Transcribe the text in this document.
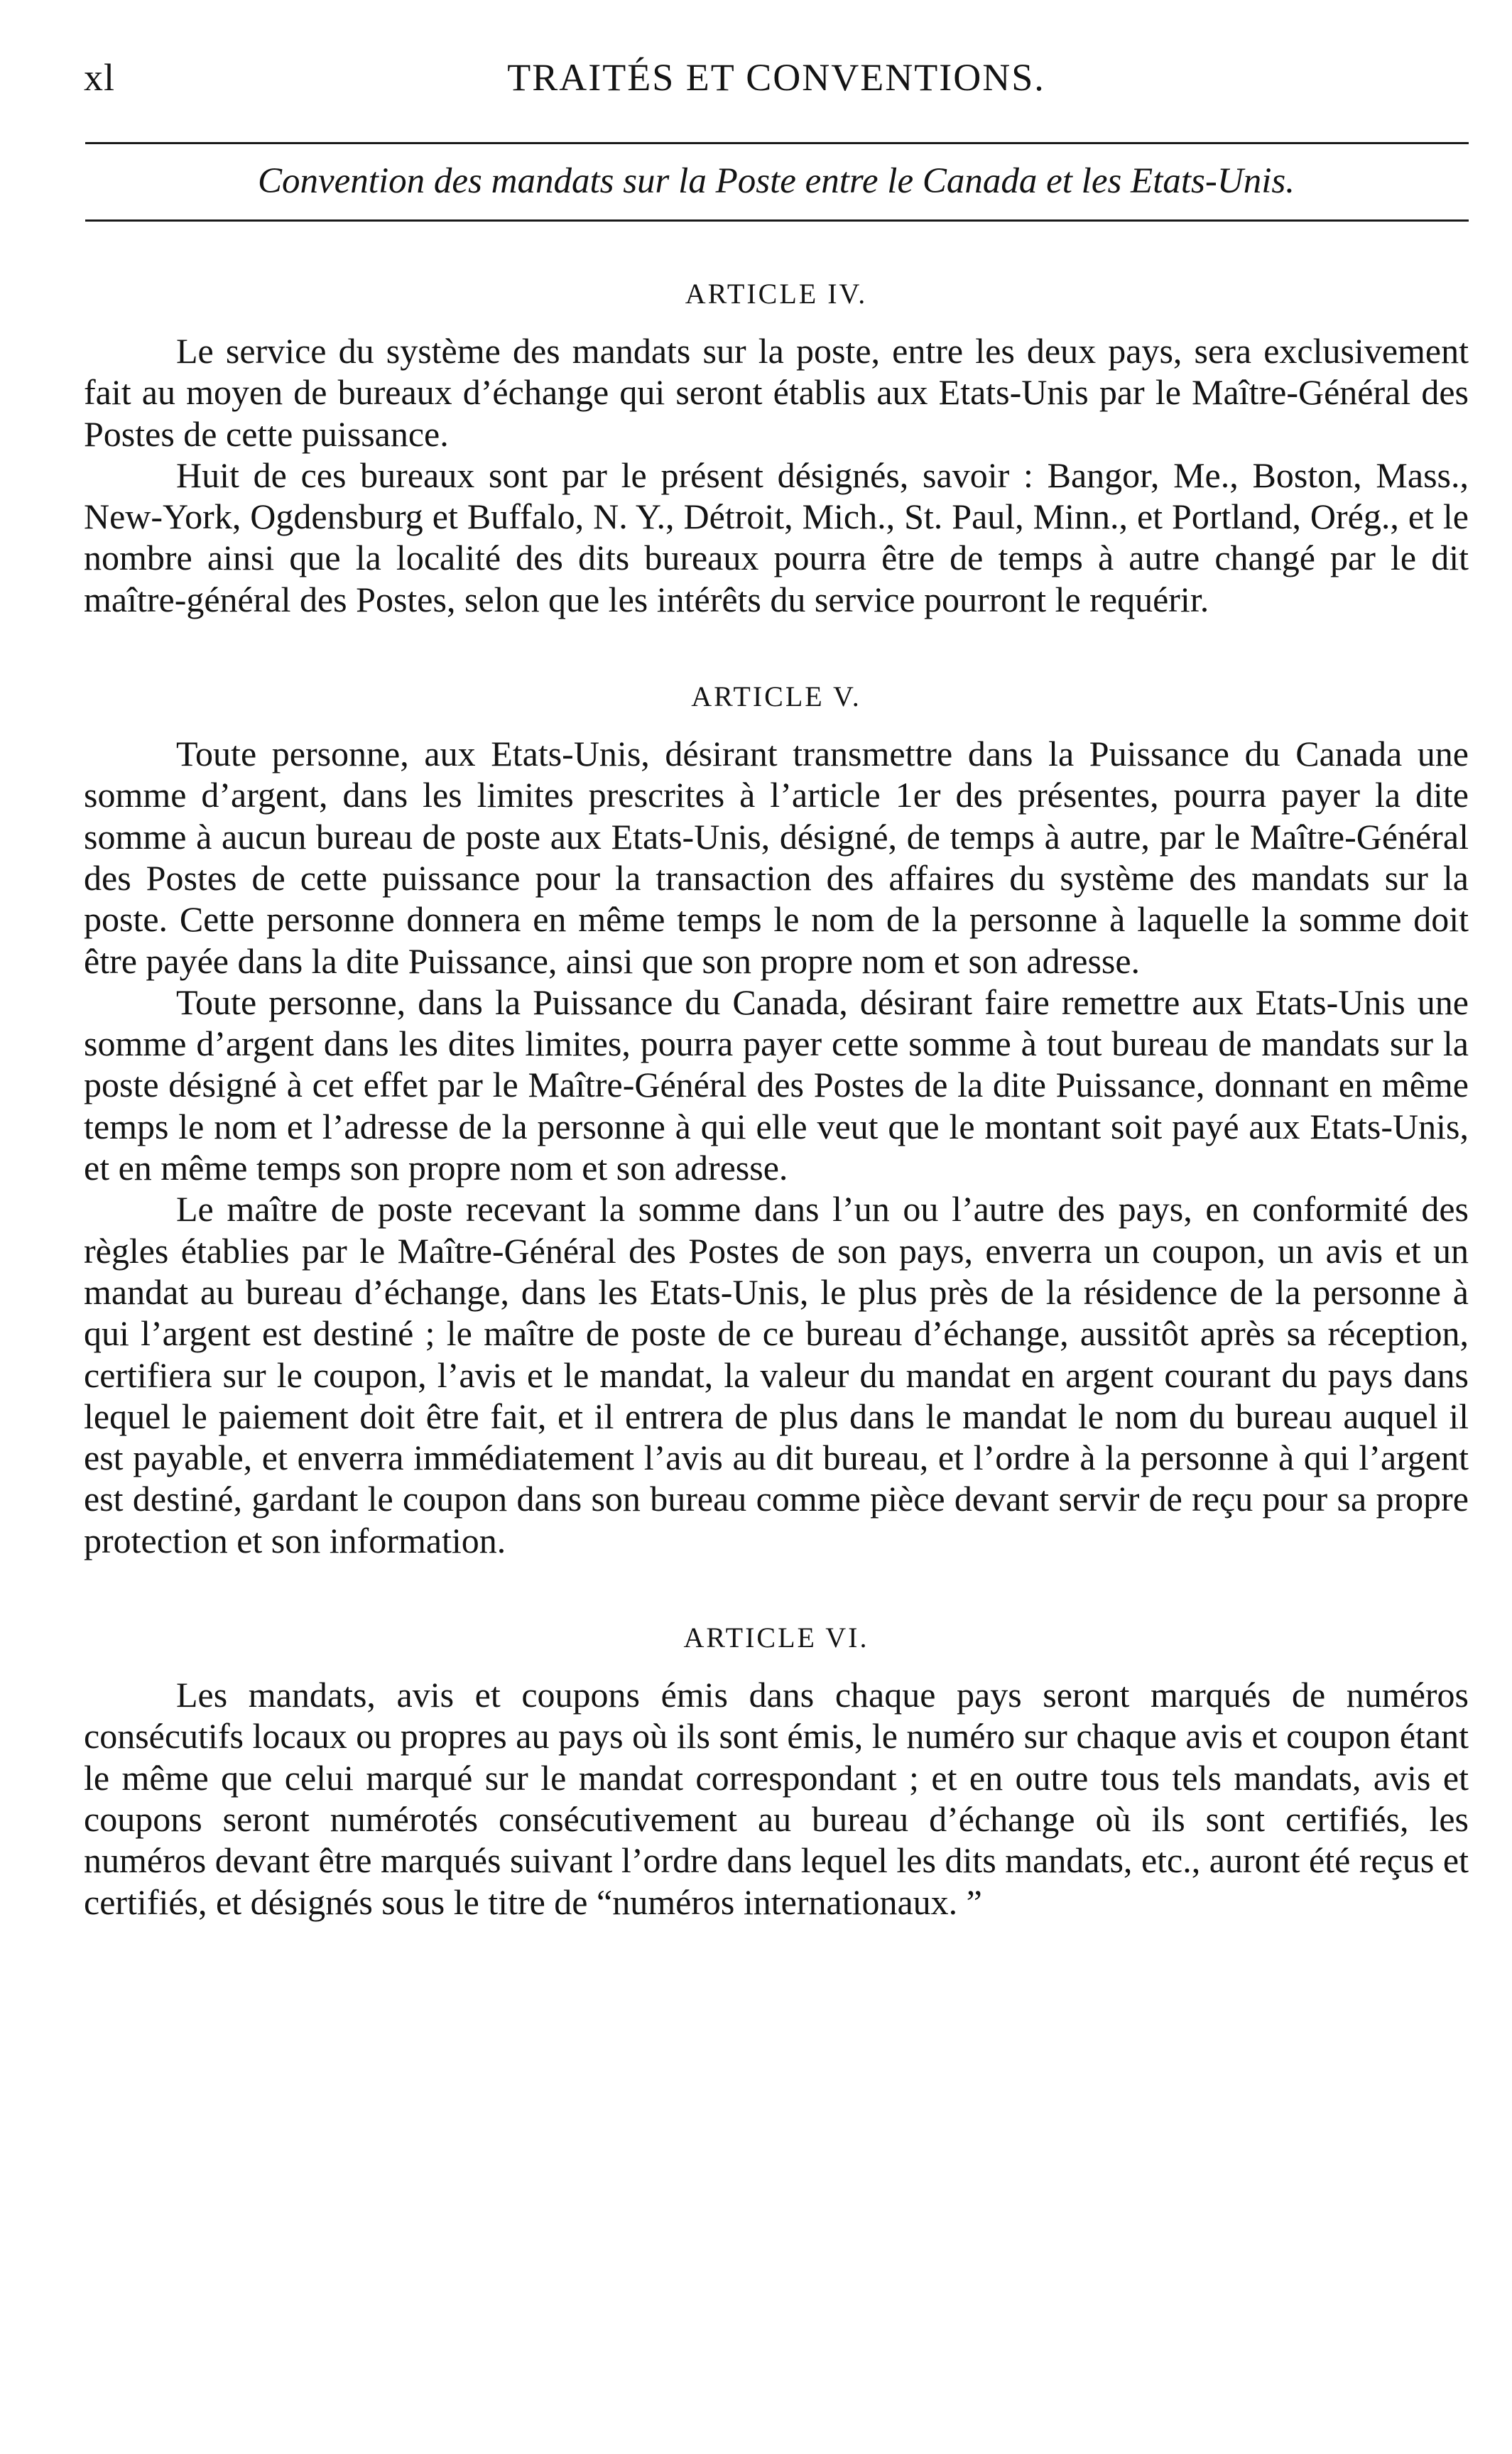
xl	TRAITÉS ET CONVENTIONS.
Convention des mandats sur la Poste entre le Canada et les Etats-Unis.
ARTICLE IV.

Le service du système des mandats sur la poste, entre les deux pays, sera exclusivement fait au moyen de bureaux d’échange qui seront établis aux Etats-Unis par le Maître-Général des Postes de cette puissance.

Huit de ces bureaux sont par le présent désignés, savoir : Bangor, Me., Boston, Mass., New-York, Ogdensburg et Buffalo, N. Y., Détroit, Mich., St. Paul, Minn., et Portland, Orég., et le nombre ainsi que la localité des dits bureaux pourra être de temps à autre changé par le dit maître-général des Postes, selon que les intérêts du service pourront le requérir.

ARTICLE V.

Toute personne, aux Etats-Unis, désirant transmettre dans la Puissance du Canada une somme d’argent, dans les limites prescrites à l’article 1er des présentes, pourra payer la dite somme à aucun bureau de poste aux Etats-Unis, désigné, de temps à autre, par le Maître-Général des Postes de cette puissance pour la transaction des affaires du système des mandats sur la poste. Cette personne donnera en même temps le nom de la personne à laquelle la somme doit être payée dans la dite Puissance, ainsi que son propre nom et son adresse.

Toute personne, dans la Puissance du Canada, désirant faire remettre aux Etats-Unis une somme d’argent dans les dites limites, pourra payer cette somme à tout bureau de mandats sur la poste désigné à cet effet par le Maître-Général des Postes de la dite Puissance, donnant en même temps le nom et l’adresse de la personne à qui elle veut que le montant soit payé aux Etats-Unis, et en même temps son propre nom et son adresse.

Le maître de poste recevant la somme dans l’un ou l’autre des pays, en conformité des règles établies par le Maître-Général des Postes de son pays, enverra un coupon, un avis et un mandat au bureau d’échange, dans les Etats-Unis, le plus près de la résidence de la personne à qui l’argent est destiné ; le maître de poste de ce bureau d’échange, aussitôt après sa réception, certifiera sur le coupon, l’avis et le mandat, la valeur du mandat en argent courant du pays dans lequel le paiement doit être fait, et il entrera de plus dans le mandat le nom du bureau auquel il est payable, et enverra immédiatement l’avis au dit bureau, et l’ordre à la personne à qui l’argent est destiné, gardant le coupon dans son bureau comme pièce devant servir de reçu pour sa propre protection et son information.

ARTICLE VI.

Les mandats, avis et coupons émis dans chaque pays seront marqués de numéros consécutifs locaux ou propres au pays où ils sont émis, le numéro sur chaque avis et coupon étant le même que celui marqué sur le mandat correspondant ; et en outre tous tels mandats, avis et coupons seront numérotés consécutivement au bureau d’échange où ils sont certifiés, les numéros devant être marqués suivant l’ordre dans lequel les dits mandats, etc., auront été reçus et certifiés, et désignés sous le titre de “numéros internationaux. ”
